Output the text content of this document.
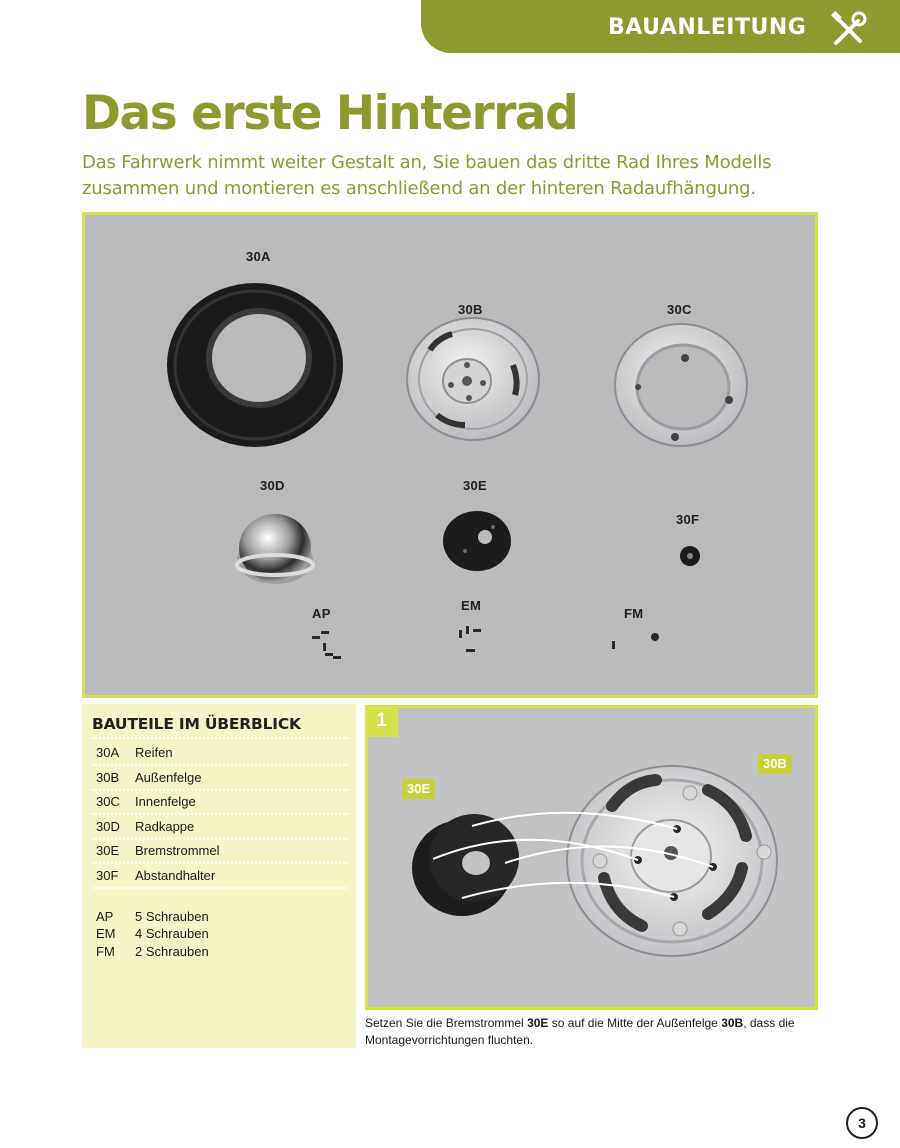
BAUANLEITUNG
Das erste Hinterrad

Das Fahrwerk nimmt weiter Gestalt an, Sie bauen das dritte Rad Ihres Modells
zusammen und montieren es anschließend an der hinteren Radaufhängung.

30A
30B	30C
30D	30E
30F
AP
EM
FM
BAUTEILE IM ÜBERBLICK
30A Reifen
30B Außenfelge
30C Innenfelge
30D Radkappe
30E Bremstrommel
30F Abstandhalter
AP 5 Schrauben
EM 4 Schrauben
FM 2 Schrauben
1
30E
30B

Setzen Sie die Bremstrommel 30E so auf die Mitte der Außenfelge 30B, dass die Montagevorrichtungen fluchten.

3
